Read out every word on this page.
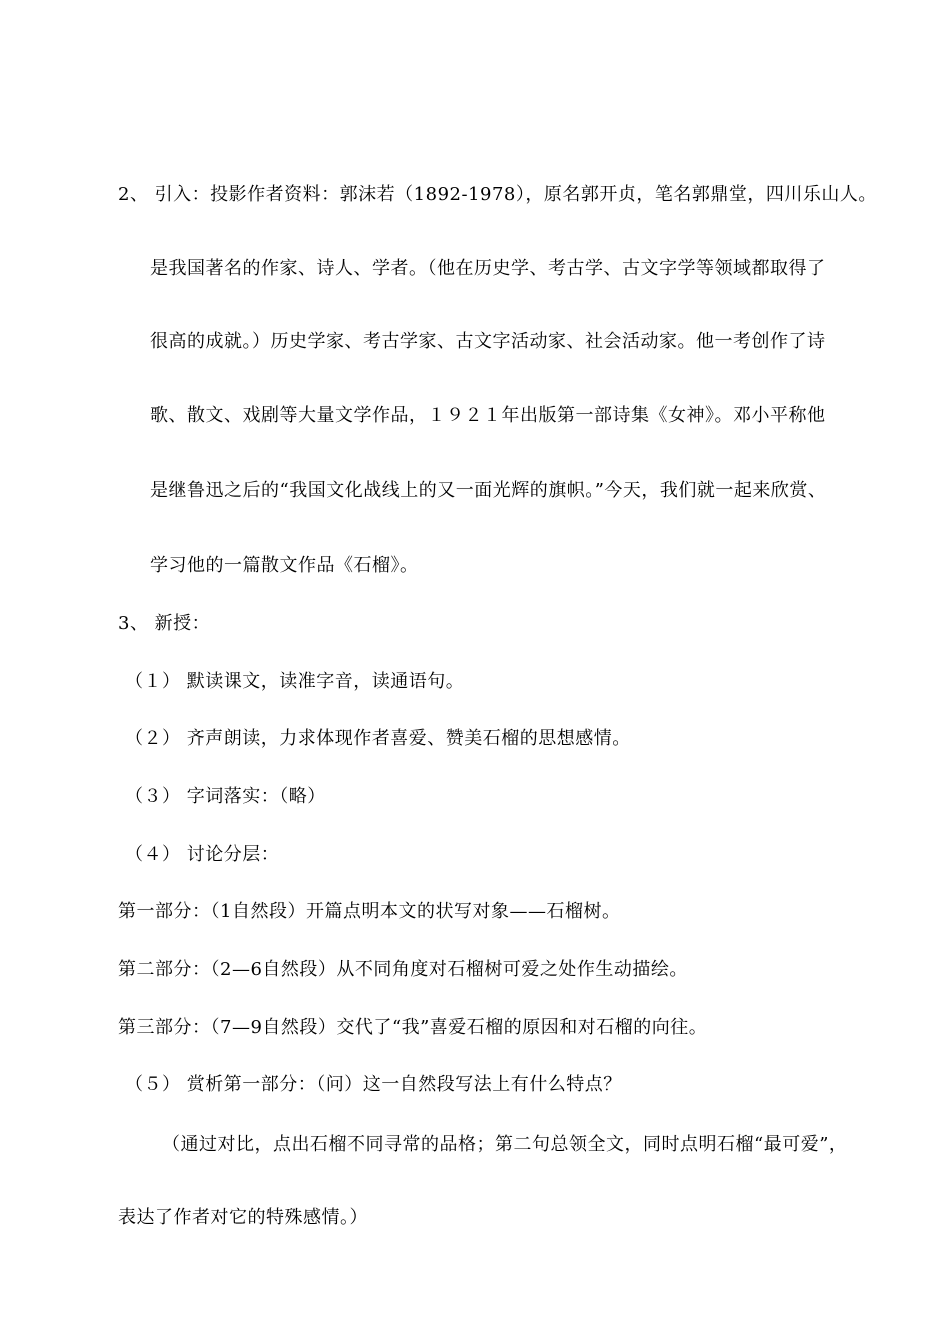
2、 引入：投影作者资料：郭沫若（1892-1978），原名郭开贞，笔名郭鼎堂，四川乐山人。
是我国著名的作家、诗人、学者。（他在历史学、考古学、古文字学等领域都取得了
很高的成就。）历史学家、考古学家、古文字活动家、社会活动家。他一考创作了诗
歌、散文、戏剧等大量文学作品，１９２１年出版第一部诗集《女神》。邓小平称他
是继鲁迅之后的“我国文化战线上的又一面光辉的旗帜。”今天，我们就一起来欣赏、
学习他的一篇散文作品《石榴》。
3、 新授：
（１） 默读课文，读准字音，读通语句。
（２） 齐声朗读，力求体现作者喜爱、赞美石榴的思想感情。
（３） 字词落实：（略）
（４） 讨论分层：
第一部分：（1自然段）开篇点明本文的状写对象——石榴树。
第二部分：（2—6自然段）从不同角度对石榴树可爱之处作生动描绘。
第三部分：（7—9自然段）交代了“我”喜爱石榴的原因和对石榴的向往。
（５） 赏析第一部分：（问）这一自然段写法上有什么特点？
（通过对比，点出石榴不同寻常的品格；第二句总领全文，同时点明石榴“最可爱”，
表达了作者对它的特殊感情。）
